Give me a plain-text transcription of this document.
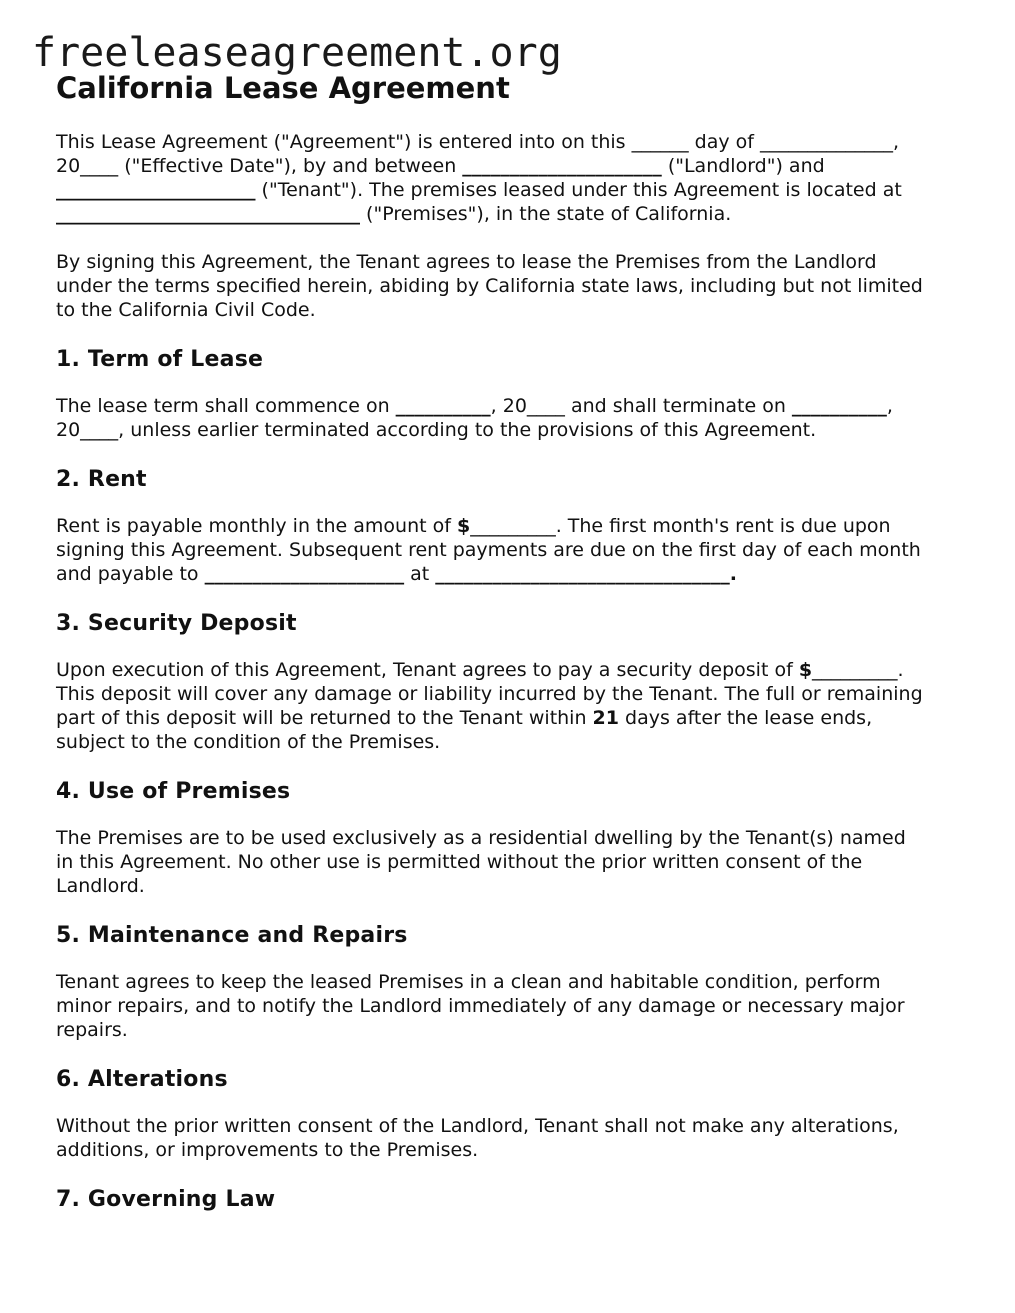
freeleaseagreement.org
California Lease Agreement
This Lease Agreement ("Agreement") is entered into on this ______ day of ______________,
20____ ("Effective Date"), by and between _____________________ ("Landlord") and
_____________________ ("Tenant"). The premises leased under this Agreement is located at
________________________________ ("Premises"), in the state of California.
By signing this Agreement, the Tenant agrees to lease the Premises from the Landlord
under the terms specified herein, abiding by California state laws, including but not limited
to the California Civil Code.
1. Term of Lease
The lease term shall commence on __________, 20____ and shall terminate on __________,
20____, unless earlier terminated according to the provisions of this Agreement.
2. Rent
Rent is payable monthly in the amount of $_________. The first month's rent is due upon
signing this Agreement. Subsequent rent payments are due on the first day of each month
and payable to _____________________ at _______________________________.
3. Security Deposit
Upon execution of this Agreement, Tenant agrees to pay a security deposit of $_________.
This deposit will cover any damage or liability incurred by the Tenant. The full or remaining
part of this deposit will be returned to the Tenant within 21 days after the lease ends,
subject to the condition of the Premises.
4. Use of Premises
The Premises are to be used exclusively as a residential dwelling by the Tenant(s) named
in this Agreement. No other use is permitted without the prior written consent of the
Landlord.
5. Maintenance and Repairs
Tenant agrees to keep the leased Premises in a clean and habitable condition, perform
minor repairs, and to notify the Landlord immediately of any damage or necessary major
repairs.
6. Alterations
Without the prior written consent of the Landlord, Tenant shall not make any alterations,
additions, or improvements to the Premises.
7. Governing Law
